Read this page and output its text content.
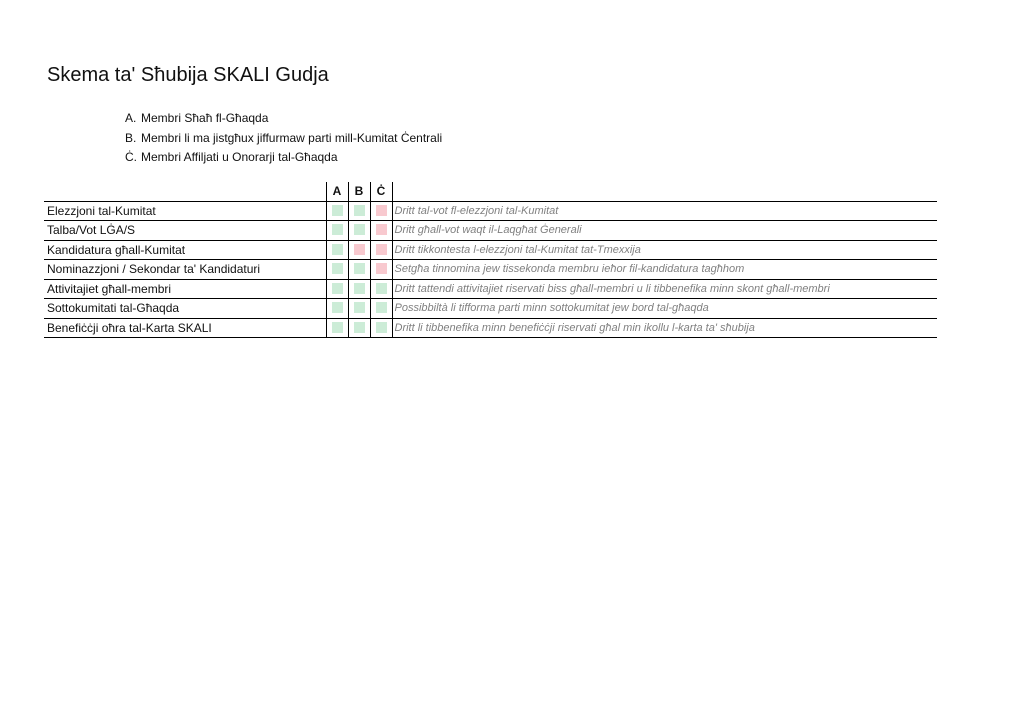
Skema ta' Sħubija SKALI Gudja
A. Membri Sħaħ fl-Għaqda
B. Membri li ma jistgħux jiffurmaw parti mill-Kumitat Ċentrali
Ċ. Membri Affiljati u Onorarji tal-Għaqda
	A	B	Ċ	
Elezzjoni tal-Kumitat				Dritt tal-vot fl-elezzjoni tal-Kumitat
Talba/Vot LĠA/S				Dritt għall-vot waqt il-Laqgħat Ġenerali
Kandidatura għall-Kumitat				Dritt tikkontesta l-elezzjoni tal-Kumitat tat-Tmexxija
Nominazzjoni / Sekondar ta' Kandidaturi				Setgħa tinnomina jew tissekonda membru ieħor fil-kandidatura tagħhom
Attivitajiet għall-membri				Dritt tattendi attivitajiet riservati biss għall-membri u li tibbenefika minn skont għall-membri
Sottokumitati tal-Għaqda				Possibbiltà li tifforma parti minn sottokumitat jew bord tal-għaqda
Benefiċċji oħra tal-Karta SKALI				Dritt li tibbenefika minn benefiċċji riservati għal min ikollu l-karta ta' sħubija
